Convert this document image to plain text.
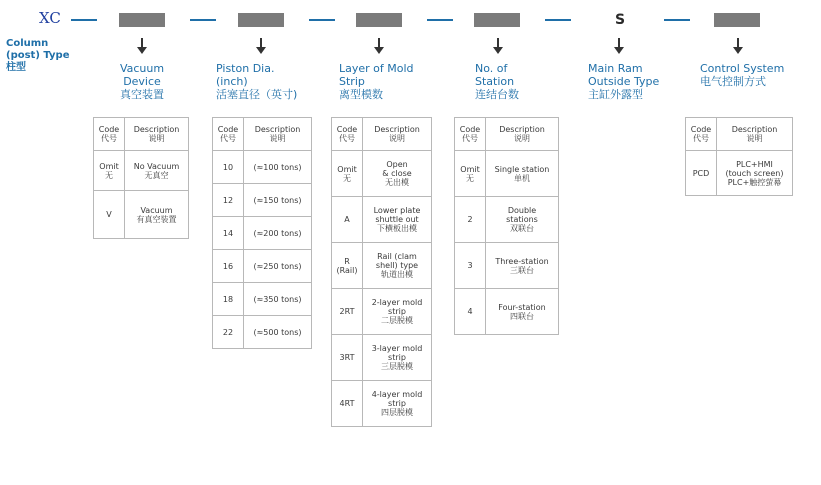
XC	S
Column
(post) Type
柱型	Vacuum
Device
真空装置
Piston Dia.
(inch)
活塞直径（英寸)
Layer of Mold
Strip
离型模数
No. of
Station
连结台数
Main Ram
Outside Type
主缸外露型
Control System
电气控制方式
Code
代号	Description
说明

Omit
无	No Vacuum
无真空

V	Vacuum
有真空装置
Code
代号	Description
说明

10	(≈100 tons)

12	(≈150 tons)

14	(≈200 tons)

16	(≈250 tons)

18	(≈350 tons)

22	(≈500 tons)
Code
代号	Description
说明

Omit
无	Open
& close
无出模

A	Lower plate
shuttle out
下横板出模

R
(Rail)	Rail (clam
shell) type
轨道出模

2RT	2-layer mold
strip
二层脱模

3RT	3-layer mold
strip
三层脱模

4RT	4-layer mold
strip
四层脱模
Code
代号	Description
说明

Omit
无	Single station
单机

2	Double
stations
双联台

3	Three-station
三联台

4	Four-station
四联台
Code
代号	Description
说明

PCD	PLC+HMI
(touch screen)
PLC+触控萤幕
